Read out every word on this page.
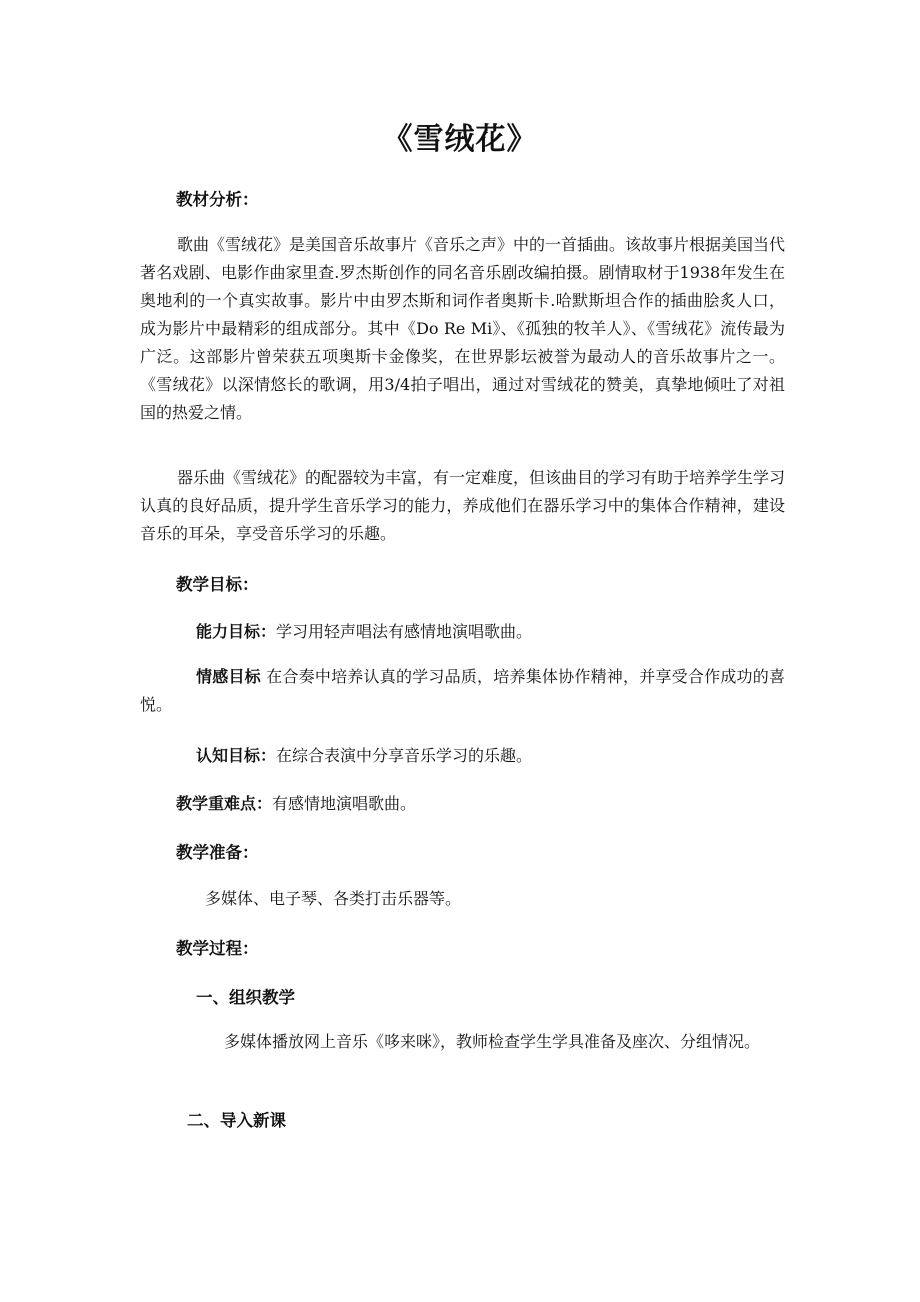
《雪绒花》
教材分析：
歌曲《雪绒花》是美国音乐故事片《音乐之声》中的一首插曲。该故事片根据美国当代著名戏剧、电影作曲家里查.罗杰斯创作的同名音乐剧改编拍摄。剧情取材于1938年发生在奥地利的一个真实故事。影片中由罗杰斯和词作者奥斯卡.哈默斯坦合作的插曲脍炙人口，成为影片中最精彩的组成部分。其中《Do Re Mi》、《孤独的牧羊人》、《雪绒花》流传最为广泛。这部影片曾荣获五项奥斯卡金像奖，在世界影坛被誉为最动人的音乐故事片之一。《雪绒花》以深情悠长的歌调，用3/4拍子唱出，通过对雪绒花的赞美，真挚地倾吐了对祖国的热爱之情。
器乐曲《雪绒花》的配器较为丰富，有一定难度，但该曲目的学习有助于培养学生学习认真的良好品质，提升学生音乐学习的能力，养成他们在器乐学习中的集体合作精神，建设音乐的耳朵，享受音乐学习的乐趣。
教学目标：
能力目标：学习用轻声唱法有感情地演唱歌曲。
情感目标 在合奏中培养认真的学习品质，培养集体协作精神，并享受合作成功的喜悦。
认知目标：在综合表演中分享音乐学习的乐趣。
教学重难点：有感情地演唱歌曲。
教学准备：
多媒体、电子琴、各类打击乐器等。
教学过程：
一、组织教学
多媒体播放网上音乐《哆来咪》，教师检查学生学具准备及座次、分组情况。
二、导入新课
